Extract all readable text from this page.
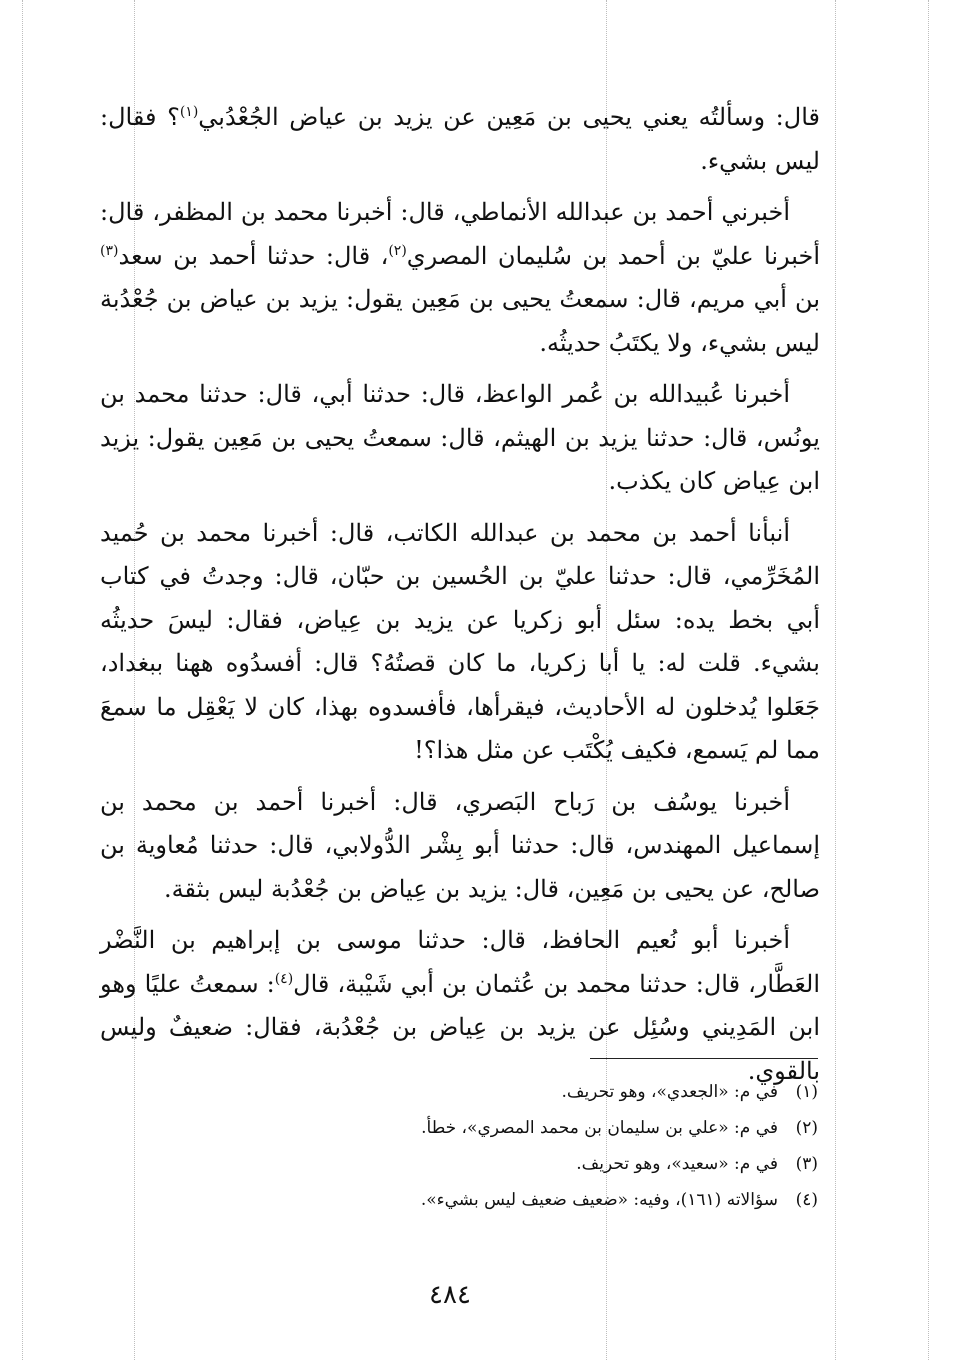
قال: وسألتُه يعني يحيى بن مَعِين عن يزيد بن عياض الجُعْدُبي$^{(١)}$؟ فقال: ليس بشيء.

أخبرني أحمد بن عبدالله الأنماطي، قال: أخبرنا محمد بن المظفر، قال: أخبرنا عليّ بن أحمد بن سُليمان المصري$^{(٢)}$، قال: حدثنا أحمد بن سعد$^{(٣)}$ بن أبي مريم، قال: سمعتُ يحيى بن مَعِين يقول: يزيد بن عياض بن جُعْدُبة ليس بشيء، ولا يكتَبُ حديثُه.

أخبرنا عُبيدالله بن عُمر الواعظ، قال: حدثنا أبي، قال: حدثنا محمد بن يونُس، قال: حدثنا يزيد بن الهيثم، قال: سمعتُ يحيى بن مَعِين يقول: يزيد ابن عِياض كان يكذب.

أنبأنا أحمد بن محمد بن عبدالله الكاتب، قال: أخبرنا محمد بن حُميد المُخَرِّمي، قال: حدثنا عليّ بن الحُسين بن حبّان، قال: وجدتُ في كتاب أبي بخط يده: سئل أبو زكريا عن يزيد بن عِياض، فقال: ليسَ حديثُه بشيء. قلت له: يا أبا زكريا، ما كان قصتُهُ؟ قال: أفسدُوه ههنا ببغداد، جَعَلوا يُدخلون له الأحاديث، فيقرأها، فأفسدوه بهذا، كان لا يَعْقِل ما سمعَ مما لم يَسمع، فكيف يُكْتَب عن مثل هذا؟!

أخبرنا يوسُف بن رَباح البَصري، قال: أخبرنا أحمد بن محمد بن إسماعيل المهندس، قال: حدثنا أبو بِشْر الدُّولابي، قال: حدثنا مُعاوية بن صالح، عن يحيى بن مَعِين، قال: يزيد بن عِياض بن جُعْدُبة ليس بثقة.

أخبرنا أبو نُعيم الحافظ، قال: حدثنا موسى بن إبراهيم بن النَّضْر العَطَّار، قال: حدثنا محمد بن عُثمان بن أبي شَيْبة، قال$^{(٤)}$: سمعتُ عليًا وهو ابن المَدِيني وسُئِل عن يزيد بن عِياض بن جُعْدُبة، فقال: ضعيفٌ وليس بالقوي.

(١)في م: «الجعدي»، وهو تحريف.
(٢)في م: «علي بن سليمان بن محمد المصري»، خطأ.
(٣)في م: «سعيد»، وهو تحريف.
(٤)سؤالاته (١٦١)، وفيه: «ضعيف ضعيف ليس بشيء».
٤٨٤
